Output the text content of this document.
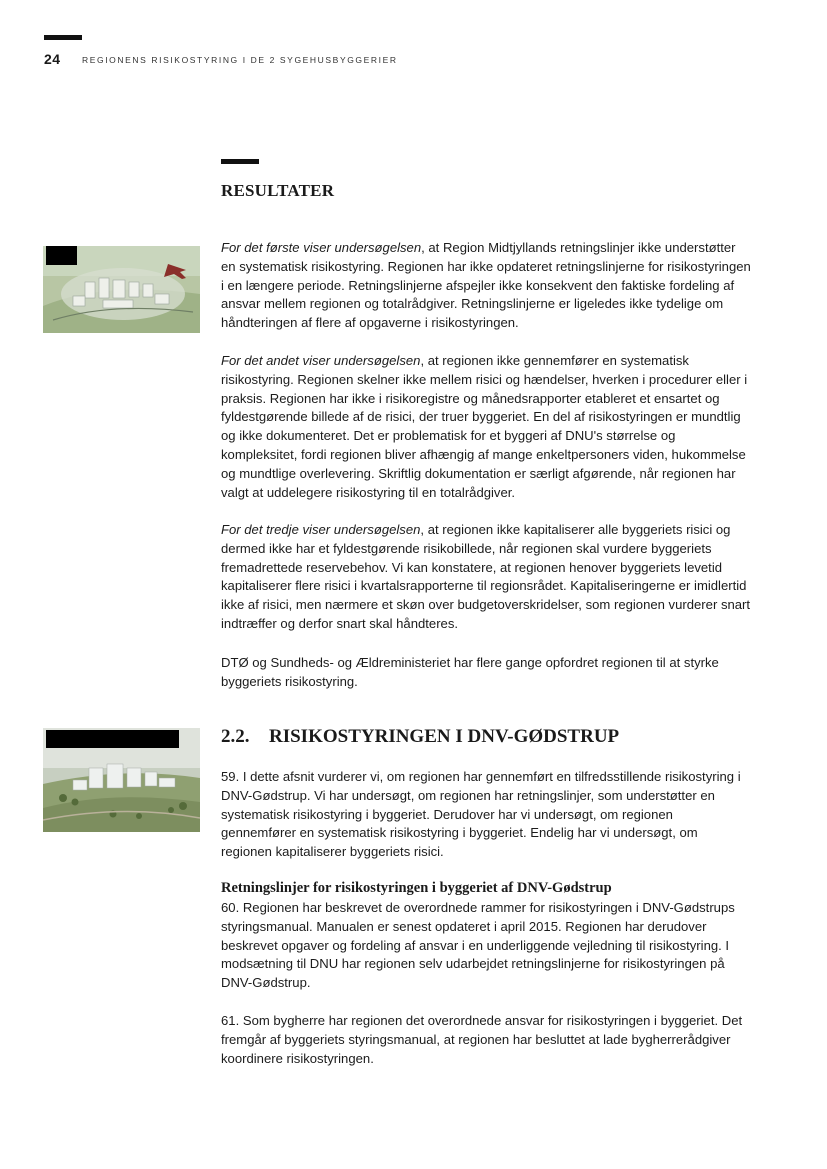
24	REGIONENS RISIKOSTYRING I DE 2 SYGEHUSBYGGERIER
RESULTATER

For det første viser undersøgelsen, at Region Midtjyllands retningslinjer ikke understøtter en systematisk risikostyring. Regionen har ikke opdateret retningslinjerne for risikostyringen i en længere periode. Retningslinjerne afspejler ikke konsekvent den faktiske fordeling af ansvar mellem regionen og totalrådgiver. Retningslinjerne er ligeledes ikke tydelige om håndteringen af flere af opgaverne i risikostyringen.

For det andet viser undersøgelsen, at regionen ikke gennemfører en systematisk risikostyring. Regionen skelner ikke mellem risici og hændelser, hverken i procedurer eller i praksis. Regionen har ikke i risikoregistre og månedsrapporter etableret et ensartet og fyldestgørende billede af de risici, der truer byggeriet. En del af risikostyringen er mundtlig og ikke dokumenteret. Det er problematisk for et byggeri af DNU's størrelse og kompleksitet, fordi regionen bliver afhængig af mange enkeltpersoners viden, hukommelse og mundtlige overlevering. Skriftlig dokumentation er særligt afgørende, når regionen har valgt at uddelegere risikostyring til en totalrådgiver.

For det tredje viser undersøgelsen, at regionen ikke kapitaliserer alle byggeriets risici og dermed ikke har et fyldestgørende risikobillede, når regionen skal vurdere byggeriets fremadrettede reservebehov. Vi kan konstatere, at regionen henover byggeriets levetid kapitaliserer flere risici i kvartalsrapporterne til regionsrådet. Kapitaliseringerne er imidlertid ikke af risici, men nærmere et skøn over budgetoverskridelser, som regionen vurderer snart indtræffer og derfor snart skal håndteres.

DTØ og Sundheds- og Ældreministeriet har flere gange opfordret regionen til at styrke byggeriets risikostyring.

2.2. RISIKOSTYRINGEN I DNV-GØDSTRUP

59. I dette afsnit vurderer vi, om regionen har gennemført en tilfredsstillende risikostyring i DNV-Gødstrup. Vi har undersøgt, om regionen har retningslinjer, som understøtter en systematisk risikostyring i byggeriet. Derudover har vi undersøgt, om regionen gennemfører en systematisk risikostyring i byggeriet. Endelig har vi undersøgt, om regionen kapitaliserer byggeriets risici.

Retningslinjer for risikostyringen i byggeriet af DNV-Gødstrup

60. Regionen har beskrevet de overordnede rammer for risikostyringen i DNV-Gødstrups styringsmanual. Manualen er senest opdateret i april 2015. Regionen har derudover beskrevet opgaver og fordeling af ansvar i en underliggende vejledning til risikostyring. I modsætning til DNU har regionen selv udarbejdet retningslinjerne for risikostyringen på DNV-Gødstrup.

61. Som bygherre har regionen det overordnede ansvar for risikostyringen i byggeriet. Det fremgår af byggeriets styringsmanual, at regionen har besluttet at lade bygherrerådgiver koordinere risikostyringen.
